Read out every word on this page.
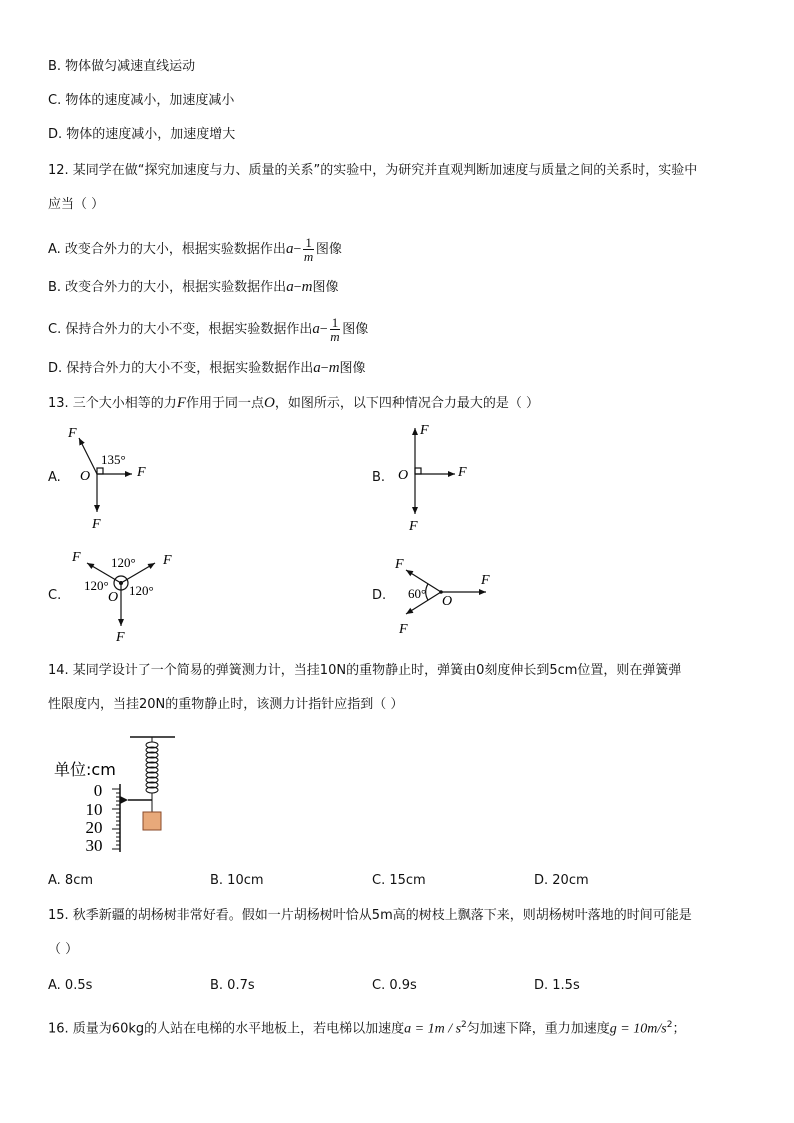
B. 物体做匀减速直线运动
C. 物体的速度减小，加速度减小
D. 物体的速度减小，加速度增大
12. 某同学在做“探究加速度与力、质量的关系”的实验中，为研究并直观判断加速度与质量之间的关系时，实验中
应当（ ）
A. 改变合外力的大小，根据实验数据作出$a- \frac{1}{m}$ 图像
B. 改变合外力的大小，根据实验数据作出a−m图像
C. 保持合外力的大小不变，根据实验数据作出$a- \frac{1}{m}$ 图像
D. 保持合外力的大小不变，根据实验数据作出a−m图像
13. 三个大小相等的力F作用于同一点O，如图所示，以下四种情况合力最大的是（ ）
A.	B.
C.	D.
F
135°
O	F
F
F
O	F
F
F 120° F
120° 120°
O
F
F
F
60°
O
F
14. 某同学设计了一个简易的弹簧测力计，当挂10N的重物静止时，弹簧由0刻度伸长到5cm位置，则在弹簧弹
性限度内，当挂20N的重物静止时，该测力计指针应指到（ ）
单位:cm
0
10
20
30
A. 8cm	B. 10cm	C. 15cm	D. 20cm
15. 秋季新疆的胡杨树非常好看。假如一片胡杨树叶恰从5m高的树枝上飘落下来，则胡杨树叶落地的时间可能是
（ ）
A. 0.5s	B. 0.7s	C. 0.9s	D. 1.5s
16. 质量为60kg的人站在电梯的水平地板上，若电梯以加速度$a = 1m / s^2$匀加速下降，重力加速度$g = 10m/s^2$；
